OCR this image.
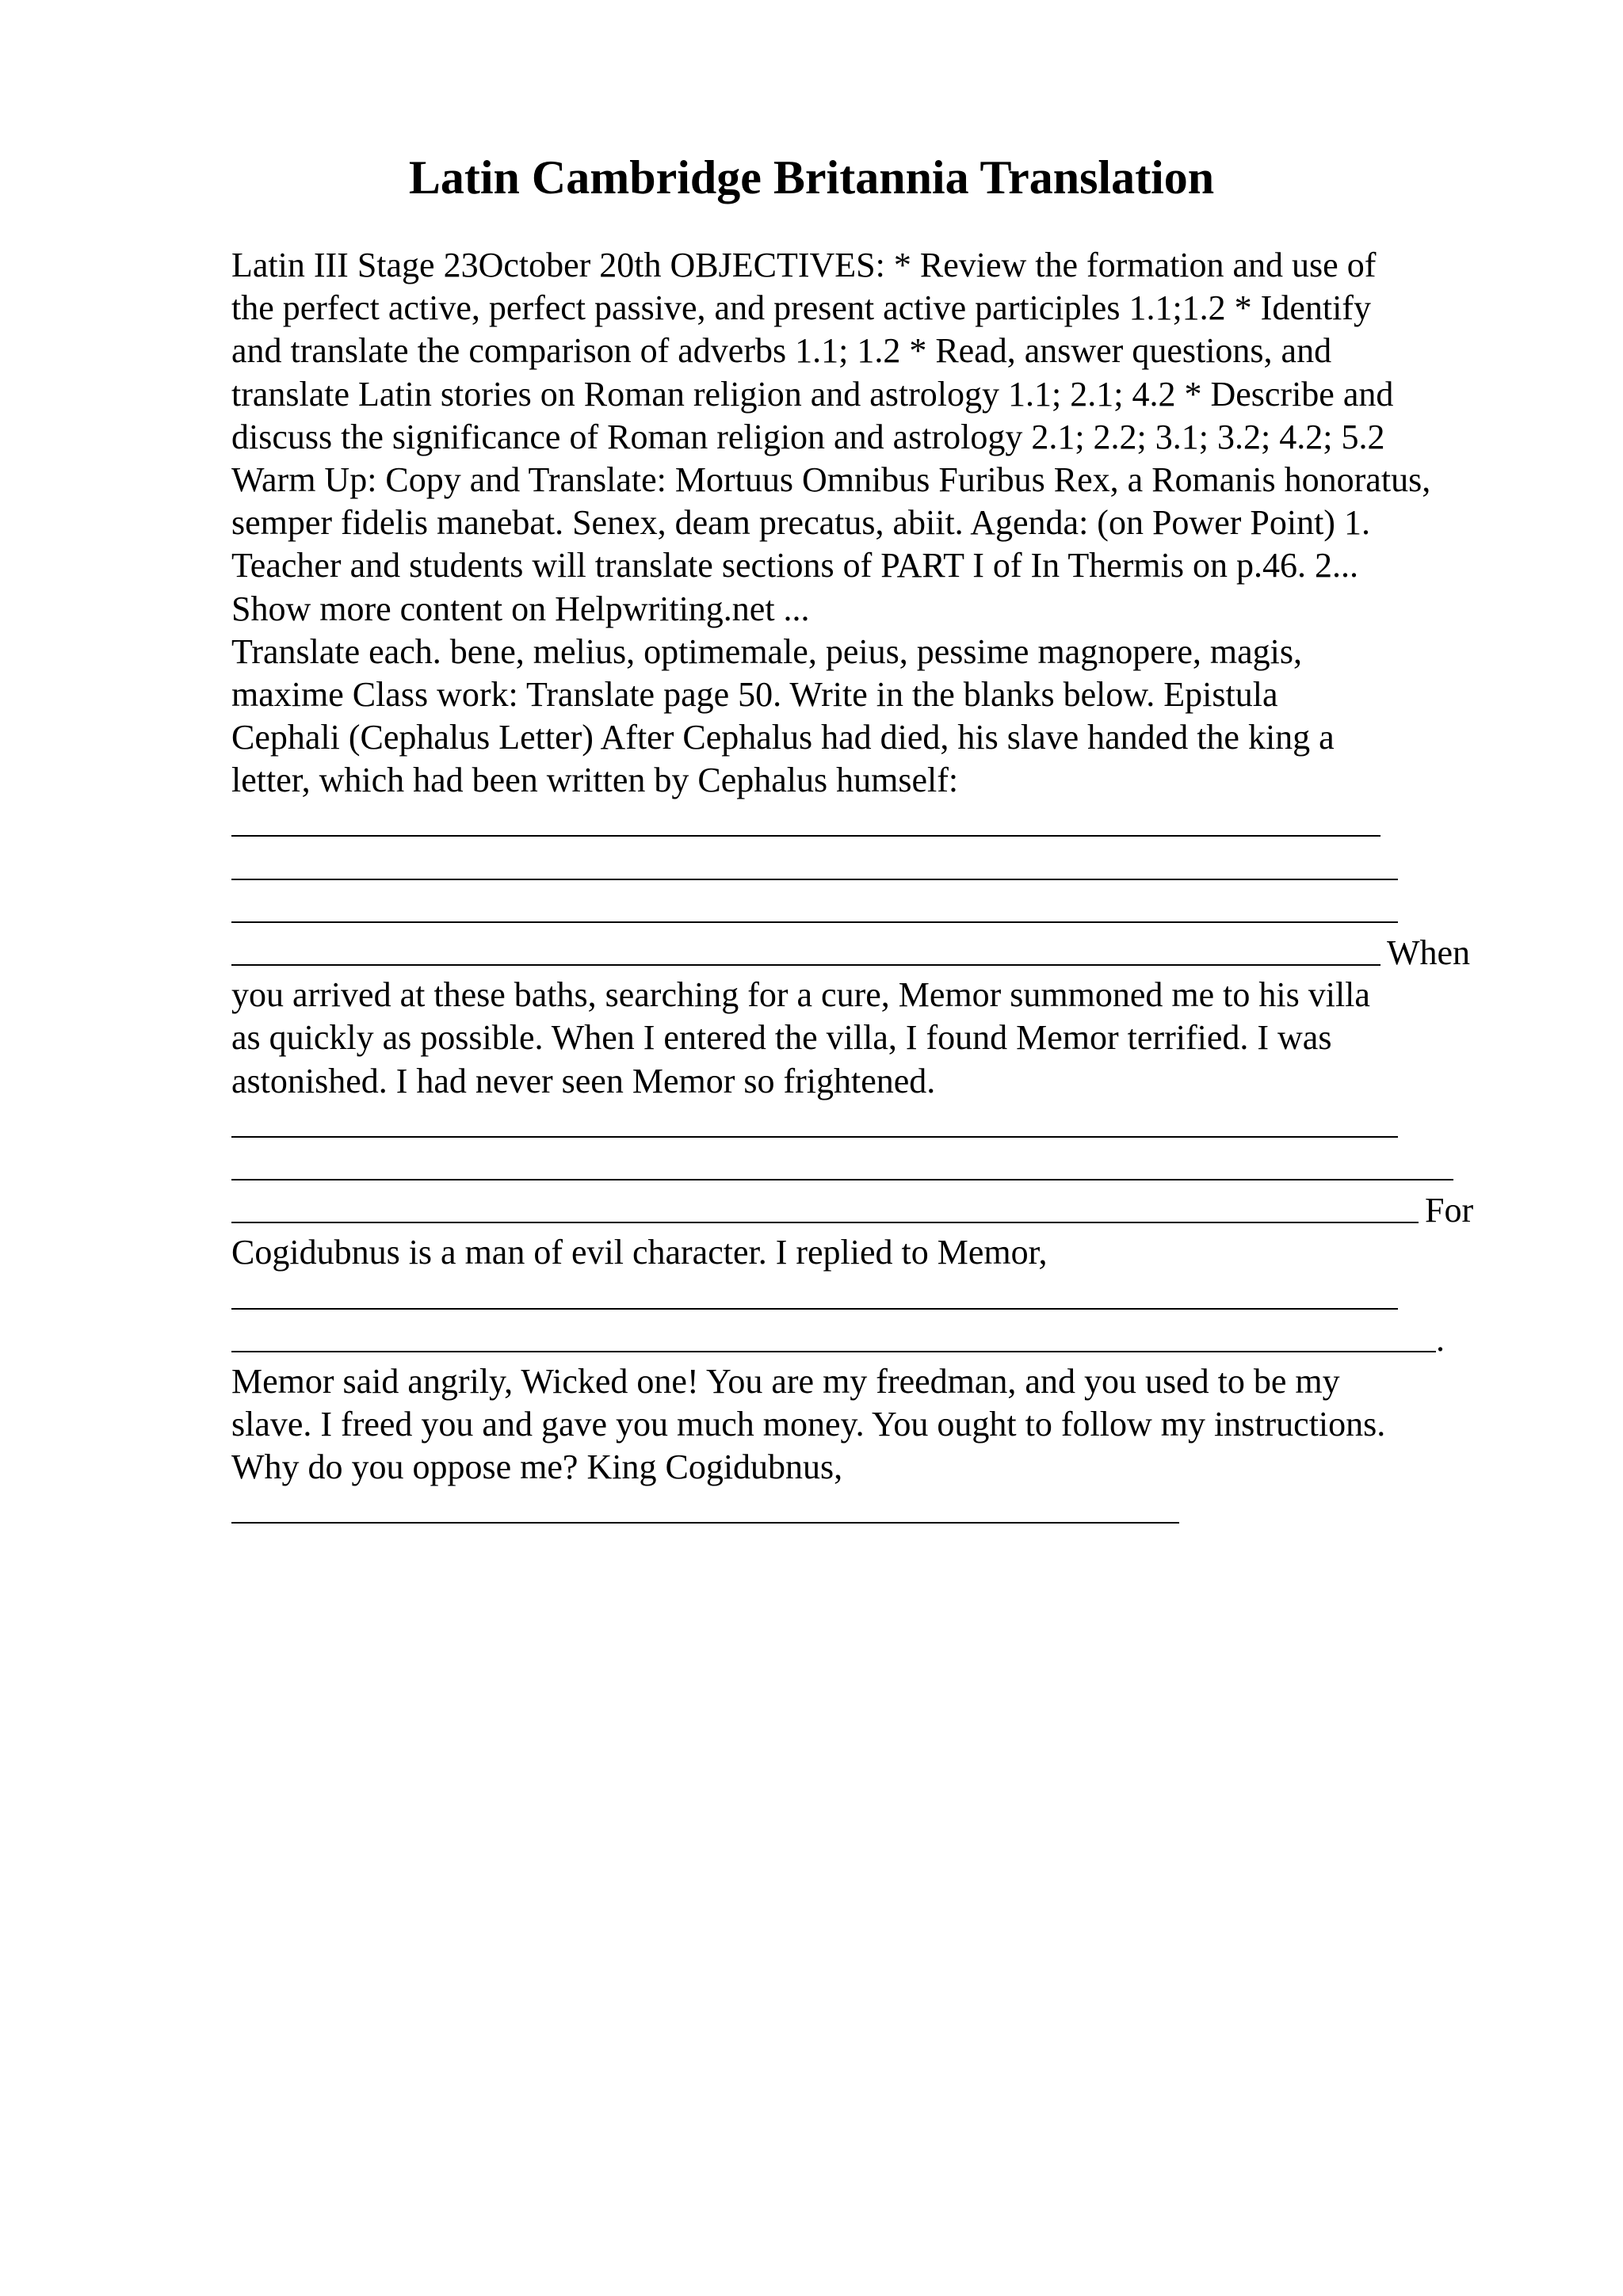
Latin Cambridge Britannia Translation
Latin III Stage 23October 20th OBJECTIVES: * Review the formation and use of
the perfect active, perfect passive, and present active participles 1.1;1.2 * Identify
and translate the comparison of adverbs 1.1; 1.2 * Read, answer questions, and
translate Latin stories on Roman religion and astrology 1.1; 2.1; 4.2 * Describe and
discuss the significance of Roman religion and astrology 2.1; 2.2; 3.1; 3.2; 4.2; 5.2
Warm Up: Copy and Translate: Mortuus Omnibus Furibus Rex, a Romanis honoratus,
semper fidelis manebat. Senex, deam precatus, abiit. Agenda: (on Power Point) 1.
Teacher and students will translate sections of PART I of In Thermis on p.46. 2...
Show more content on Helpwriting.net ...
Translate each. bene, melius, optimemale, peius, pessime magnopere, magis,
maxime Class work: Translate page 50. Write in the blanks below. Epistula
Cephali (Cephalus Letter) After Cephalus had died, his slave handed the king a
letter, which had been written by Cephalus humself:
When
you arrived at these baths, searching for a cure, Memor summoned me to his villa
as quickly as possible. When I entered the villa, I found Memor terrified. I was
astonished. I had never seen Memor so frightened.
For
Cogidubnus is a man of evil character. I replied to Memor,
.
Memor said angrily, Wicked one! You are my freedman, and you used to be my
slave. I freed you and gave you much money. You ought to follow my instructions.
Why do you oppose me? King Cogidubnus,
